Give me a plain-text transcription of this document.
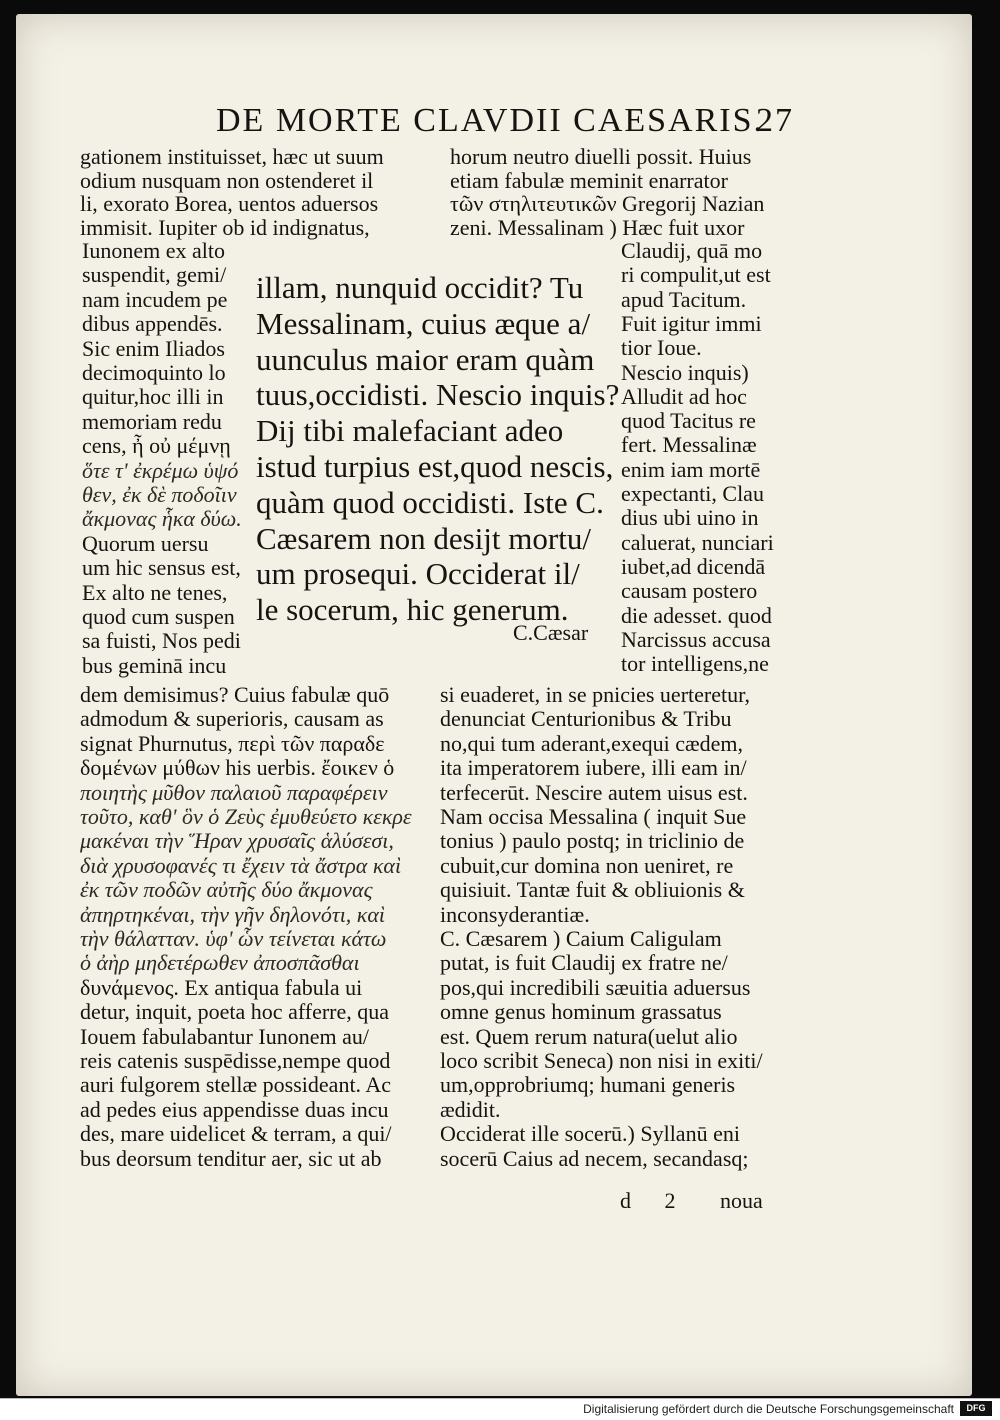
DE MORTE CLAVDII CAESARIS.
27
gationem instituisset, hæc ut suum
odium nusquam non ostenderet il
li, exorato Borea, uentos aduersos
immisit. Iupiter ob id indignatus,
horum neutro diuelli possit. Huius
etiam fabulæ meminit enarrator
τῶν στηλιτευτικῶν Gregorij Nazian
zeni. Messalinam ) Hæc fuit uxor
Iunonem ex alto
suspendit, gemi/
nam incudem pe
dibus appendēs.
Sic enim Iliados
decimoquinto lo
quitur,hoc illi in
memoriam redu
cens, ἦ οὐ μέμνῃ
ὅτε τ' ἐκρέμω ὑψό
θεν, ἐκ δὲ ποδοῖιν
ἄκμονας ἧκα δύω.
Quorum uersu
um hic sensus est,
Ex alto ne tenes,
quod cum suspen
sa fuisti, Nos pedi
bus geminā incu
illam, nunquid occidit? Tu
Messalinam, cuius æque a/
uunculus maior eram quàm
tuus,occidisti. Nescio inquis?
Dij tibi malefaciant adeo
istud turpius est,quod nescis,
quàm quod occidisti. Iste C.
Cæsarem non desijt mortu/
um prosequi. Occiderat il/
le socerum, hic generum.
Claudij, quā mo
ri compulit,ut est
apud Tacitum.
Fuit igitur immi
tior Ioue.
Nescio inquis)
Alludit ad hoc
quod Tacitus re
fert. Messalinæ
enim iam mortē
expectanti, Clau
dius ubi uino in
caluerat, nunciari
iubet,ad dicendā
causam postero
die adesset. quod
Narcissus accusa
tor intelligens,ne
dem demisimus? Cuius fabulæ quō
admodum & superioris, causam as
signat Phurnutus, περὶ τῶν παραδε
δομένων μύθων his uerbis. ἔοικεν ὁ
ποιητὴς μῦθον παλαιοῦ παραφέρειν
τοῦτο, καθ' ὃν ὁ Ζεὺς ἐμυθεύετο κεκρε
μακέναι τὴν Ἥραν χρυσαῖς ἁλύσεσι,
διὰ χρυσοφανές τι ἔχειν τὰ ἄστρα καὶ
ἐκ τῶν ποδῶν αὐτῆς δύο ἄκμονας
ἀπηρτηκέναι, τὴν γῆν δηλονότι, καὶ
τὴν θάλατταν. ὑφ' ὧν τείνεται κάτω
ὁ ἀὴρ μηδετέρωθεν ἀποσπᾶσθαι
δυνάμενος. Ex antiqua fabula ui
detur, inquit, poeta hoc afferre, qua
Iouem fabulabantur Iunonem au/
reis catenis suspēdisse,nempe quod
auri fulgorem stellæ possideant. Ac
ad pedes eius appendisse duas incu
des, mare uidelicet & terram, a qui/
bus deorsum tenditur aer, sic ut ab
si euaderet, in se pnicies uerteretur,
denunciat Centurionibus & Tribu
no,qui tum aderant,exequi cædem,
ita imperatorem iubere, illi eam in/
terfecerūt. Nescire autem uisus est.
Nam occisa Messalina ( inquit Sue
tonius ) paulo postq; in triclinio de
cubuit,cur domina non ueniret, re
quisiuit. Tantæ fuit & obliuionis &
inconsyderantiæ.
C. Cæsarem ) Caium Caligulam
putat, is fuit Claudij ex fratre ne/
pos,qui incredibili sæuitia aduersus
omne genus hominum grassatus
est. Quem rerum natura(uelut alio
loco scribit Seneca) non nisi in exiti/
um,opprobriumq; humani generis
ædidit.
Occiderat ille socerū.) Syllanū eni
socerū Caius ad necem, secandasq;
C.Cæsar
d 2 noua
Digitalisierung gefördert durch die Deutsche Forschungsgemeinschaft	DFG
